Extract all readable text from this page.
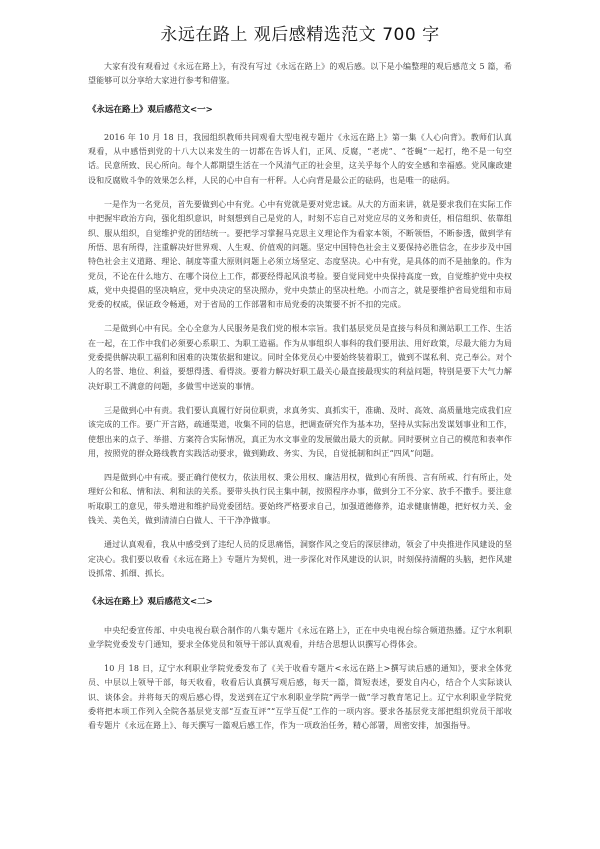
永远在路上 观后感精选范文 700 字

大家有没有观看过《永远在路上》，有没有写过《永远在路上》的观后感。以下是小编整理的观后感范文 5 篇，希望能够可以分享给大家进行参考和借鉴。

《永远在路上》观后感范文<一>

2016 年 10 月 18 日，我园组织教师共同观看大型电视专题片《永远在路上》第一集《人心向背》。教师们认真观看，从中感悟到党的十八大以来发生的一切都在告诉人们，正风、反腐，“老虎”、“苍蝇”一起打，绝不是一句空话。民意所致、民心所向。每个人都期望生活在一个风清气正的社会里，这关乎每个人的安全感和幸福感。党风廉政建设和反腐败斗争的效果怎么样，人民的心中自有一杆秤。人心向背是最公正的砝码，也是唯一的砝码。

一是作为一名党员，首先要做到心中有党。心中有党就是要对党忠诚。从大的方面来讲，就是要求我们在实际工作中把握牢政治方向，强化组织意识，时刻想到自己是党的人，时刻不忘自己对党应尽的义务和责任，相信组织、依靠组织、服从组织，自觉维护党的团结统一。要把学习掌握马克思主义理论作为看家本领，不断领悟，不断参透，做到学有所悟、思有所得，注重解决好世界观、人生观、价值观的问题。坚定中国特色社会主义要保持必胜信念，在步步及中国特色社会主义道路、理论、制度等重大原则问题上必须立场坚定、态度坚决。心中有党，是具体的而不是抽象的。作为党员，不论在什么地方、在哪个岗位上工作，都要经得起风浪考验。要自觉同党中央保持高度一致，自觉维护党中央权威，党中央提倡的坚决响应，党中央决定的坚决照办，党中央禁止的坚决杜绝。小而言之，就是要维护省局党组和市局党委的权威，保证政令畅通，对于省局的工作部署和市局党委的决策要不折不扣的完成。

二是做到心中有民。全心全意为人民服务是我们党的根本宗旨。我们基层党员是直接与科员和测站职工工作、生活在一起，在工作中我们必须要心系职工、为职工造福。作为从事组织人事科的我们要用法、用好政策，尽最大能力为局党委提供解决职工福利和困难的决策依据和建议。同时全体党员心中要始终装着职工，做到不谋私利、克己奉公。对个人的名誉、地位、利益，要想得透、看得淡。要着力解决好职工最关心最直接最现实的利益问题，特别是要下大气力解决好职工不满意的问题，多做雪中送炭的事情。

三是做到心中有责。我们要认真履行好岗位职责，求真务实、真抓实干，准确、及时、高效、高质量地完成我们应该完成的工作。要广开言路，疏通渠道，收集不同的信息，把调查研究作为基本功，坚持从实际出发谋划事业和工作，使想出来的点子、举措、方案符合实际情况，真正为水文事业的发展做出最大的贡献。同时要树立自己的模范和表率作用，按照党的群众路线教育实践活动要求，做到勤政、务实、为民，自觉抵制和纠正“四风”问题。

四是做到心中有戒。要正确行使权力，依法用权、秉公用权、廉洁用权，做到心有所畏、言有所戒、行有所止，处理好公和私、情和法、利和法的关系。要带头执行民主集中制，按照程序办事，做到分工不分家、放手不撒手。要注意听取职工的意见，带头增进和维护局党委团结。要始终严格要求自己，加强道德修养，追求健康情趣，把好权力关、金钱关、美色关，做到清清白白做人、干干净净做事。

通过认真观看，我从中感受到了违纪人员的反思痛悟，洞察作风之变后的深层律动，领会了中央推进作风建设的坚定决心。我们要以收看《永远在路上》专题片为契机，进一步深化对作风建设的认识，时刻保持清醒的头脑，把作风建设抓常、抓细、抓长。

《永远在路上》观后感范文<二>

中央纪委宣传部、中央电视台联合制作的八集专题片《永远在路上》，正在中央电视台综合频道热播。辽宁水利职业学院党委发专门通知，要求全体党员和领导干部认真观看，并结合思想认识撰写心得体会。

10 月 18 日，辽宁水利职业学院党委发布了《关于收看专题片<永远在路上>撰写读后感的通知》，要求全体党员、中层以上领导干部，每天收看，收看后认真撰写观后感，每天一篇，简短表述，要发自内心，结合个人实际谈认识、谈体会。并将每天的观后感心得，发送到在辽宁水利职业学院“两学一做”学习教育笔记上。辽宁水利职业学院党委将把本项工作列入全院各基层党支部“互查互评”“互学互促”工作的一项内容。要求各基层党支部把组织党员干部收看专题片《永远在路上》、每天撰写一篇观后感工作，作为一项政治任务，精心部署，周密安排，加强指导。
